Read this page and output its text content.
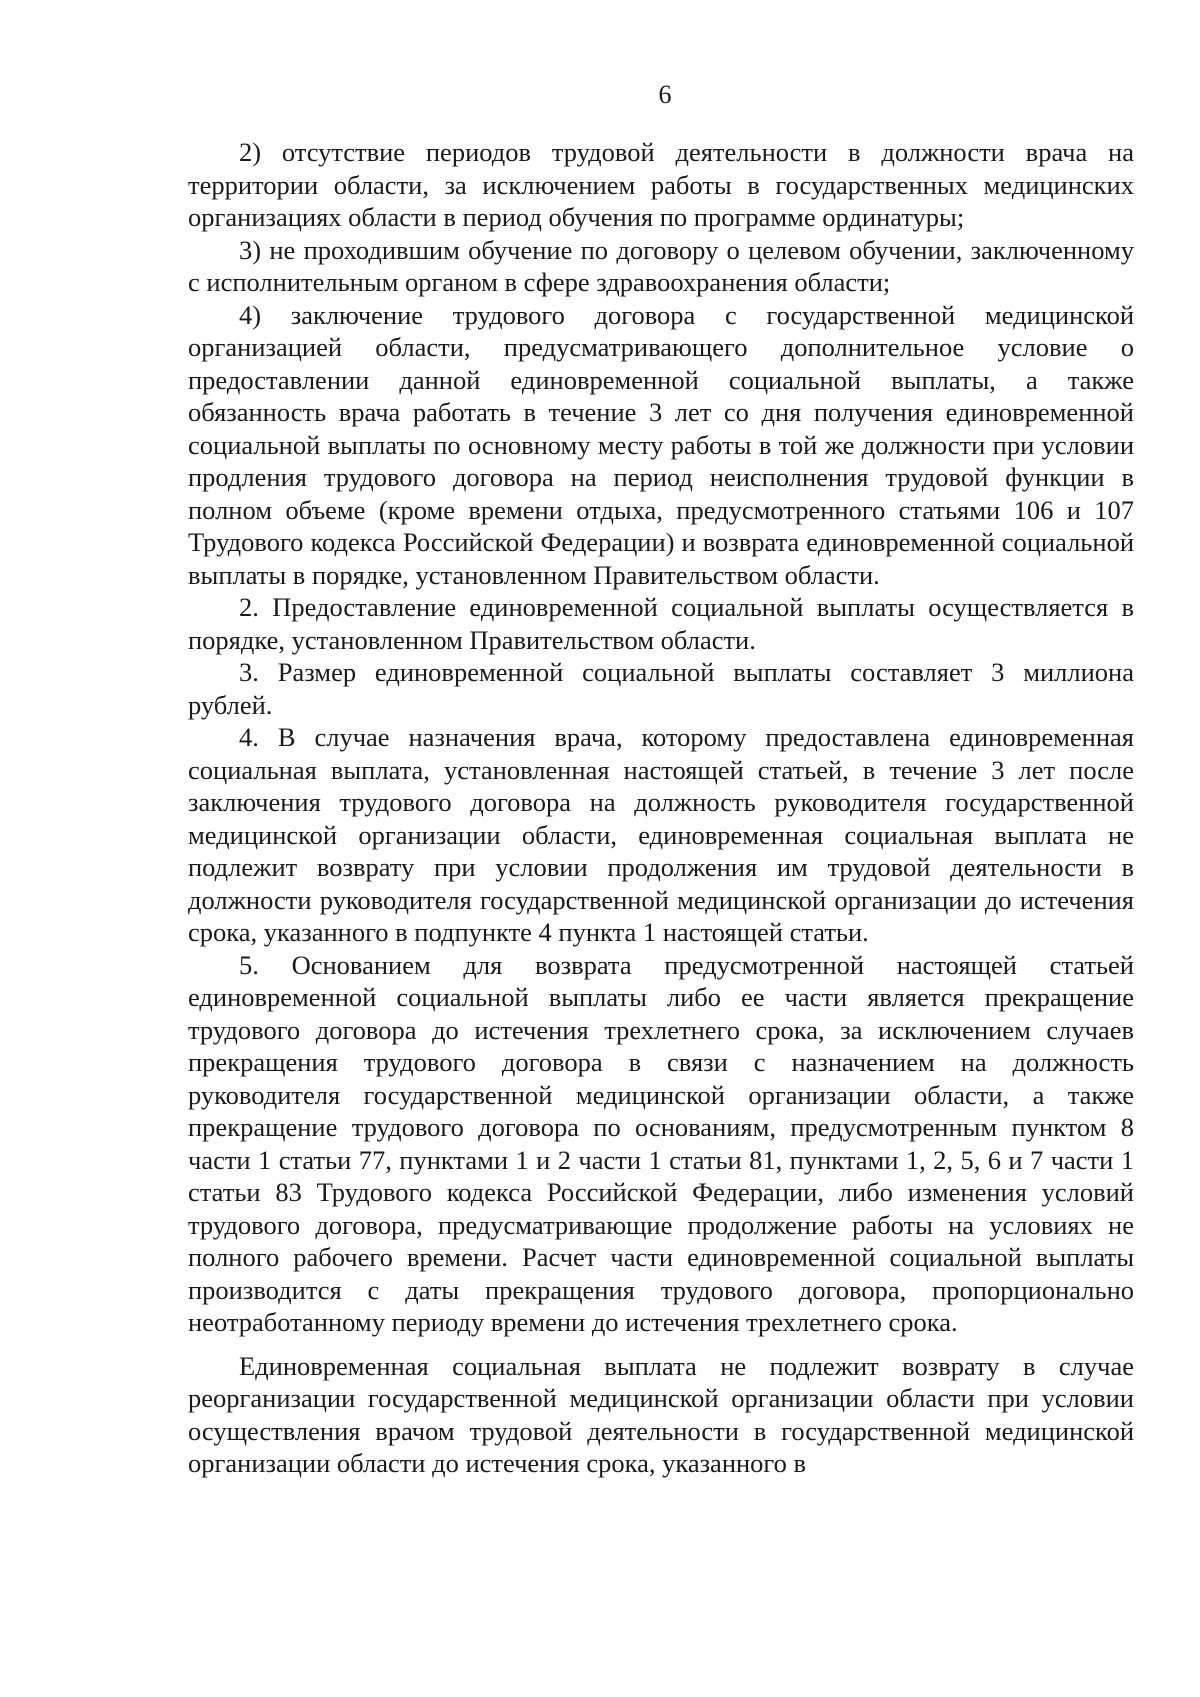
6

2) отсутствие периодов трудовой деятельности в должности врача на территории области, за исключением работы в государственных медицинских организациях области в период обучения по программе ординатуры;

3) не проходившим обучение по договору о целевом обучении, заключенному с исполнительным органом в сфере здравоохранения области;

4) заключение трудового договора с государственной медицинской организацией области, предусматривающего дополнительное условие о предоставлении данной единовременной социальной выплаты, а также обязанность врача работать в течение 3 лет со дня получения единовременной социальной выплаты по основному месту работы в той же должности при условии продления трудового договора на период неисполнения трудовой функции в полном объеме (кроме времени отдыха, предусмотренного статьями 106 и 107 Трудового кодекса Российской Федерации) и возврата единовременной социальной выплаты в порядке, установленном Правительством области.

2. Предоставление единовременной социальной выплаты осуществляется в порядке, установленном Правительством области.

3. Размер единовременной социальной выплаты составляет 3 миллиона рублей.

4. В случае назначения врача, которому предоставлена единовременная социальная выплата, установленная настоящей статьей, в течение 3 лет после заключения трудового договора на должность руководителя государственной медицинской организации области, единовременная социальная выплата не подлежит возврату при условии продолжения им трудовой деятельности в должности руководителя государственной медицинской организации до истечения срока, указанного в подпункте 4 пункта 1 настоящей статьи.

5. Основанием для возврата предусмотренной настоящей статьей единовременной социальной выплаты либо ее части является прекращение трудового договора до истечения трехлетнего срока, за исключением случаев прекращения трудового договора в связи с назначением на должность руководителя государственной медицинской организации области, а также прекращение трудового договора по основаниям, предусмотренным пунктом 8 части 1 статьи 77, пунктами 1 и 2 части 1 статьи 81, пунктами 1, 2, 5, 6 и 7 части 1 статьи 83 Трудового кодекса Российской Федерации, либо изменения условий трудового договора, предусматривающие продолжение работы на условиях не полного рабочего времени. Расчет части единовременной социальной выплаты производится с даты прекращения трудового договора, пропорционально неотработанному периоду времени до истечения трехлетнего срока.

Единовременная социальная выплата не подлежит возврату в случае реорганизации государственной медицинской организации области при условии осуществления врачом трудовой деятельности в государственной медицинской организации области до истечения срока, указанного в
